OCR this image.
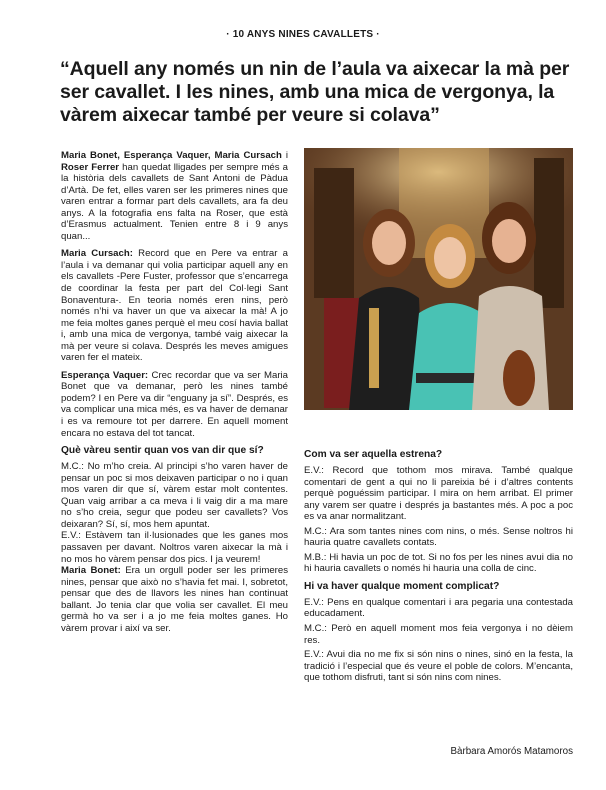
· 10 ANYS NINES CAVALLETS ·
“Aquell any només un nin de l’aula va aixecar la mà per ser cavallet. I les nines, amb una mica de vergonya, la vàrem aixecar també per veure si colava”

Maria Bonet, Esperança Vaquer, Maria Cursach i Roser Ferrer han quedat lligades per sempre més a la història dels cavallets de Sant Antoni de Pàdua d’Artà. De fet, elles varen ser les primeres nines que varen entrar a formar part dels cavallets, ara fa deu anys. A la fotografia ens falta na Roser, que està d’Erasmus actualment. Tenien entre 8 i 9 anys quan...

Maria Cursach: Record que en Pere va entrar a l’aula i va demanar qui volia participar aquell any en els cavallets -Pere Fuster, professor que s’encarrega de coordinar la festa per part del Col·legi Sant Bonaventura-. En teoria només eren nins, però només n’hi va haver un que va aixecar la mà! A jo me feia moltes ganes perquè el meu cosí havia ballat i, amb una mica de vergonya, també vaig aixecar la mà per veure si colava. Després les meves amigues varen fer el mateix.

Esperança Vaquer: Crec recordar que va ser Maria Bonet que va demanar, però les nines també podem? I en Pere va dir “enguany ja sí”. Després, es va complicar una mica més, es va haver de demanar i es va remoure tot per darrere. En aquell moment encara no estava del tot tancat.

Què vàreu sentir quan vos van dir que sí?

M.C.: No m’ho creia. Al principi s’ho varen haver de pensar un poc si mos deixaven participar o no i quan mos varen dir que sí, vàrem estar molt contentes. Quan vaig arribar a ca meva i li vaig dir a ma mare no s’ho creia, segur que podeu ser cavallets? Vos deixaran? Sí, sí, mos hem apuntat.

E.V.: Estàvem tan il·lusionades que les ganes mos passaven per davant. Noltros varen aixecar la mà i no mos ho vàrem pensar dos pics. I ja veurem!

Maria Bonet: Era un orgull poder ser les primeres nines, pensar que això no s’havia fet mai. I, sobretot, pensar que des de llavors les nines han continuat ballant. Jo tenia clar que volia ser cavallet. El meu germà ho va ser i a jo me feia moltes ganes. Ho vàrem provar i així va ser.

Com va ser aquella estrena?

E.V.: Record que tothom mos mirava. També qualque comentari de gent a qui no li pareixia bé i d’altres contents perquè poguéssim participar. I mira on hem arribat. El primer any varem ser quatre i després ja bastantes més. A poc a poc es va anar normalitzant.

M.C.: Ara som tantes nines com nins, o més. Sense noltros hi hauria quatre cavallets contats.

M.B.: Hi havia un poc de tot. Si no fos per les nines avui dia no hi hauria cavallets o només hi hauria una colla de cinc.

Hi va haver qualque moment complicat?

E.V.: Pens en qualque comentari i ara pegaria una contestada educadament.

M.C.: Però en aquell moment mos feia vergonya i no dèiem res.

E.V.: Avui dia no me fix si són nins o nines, sinó en la festa, la tradició i l’especial que és veure el poble de colors. M’encanta, que tothom disfruti, tant si són nins com nines.

Bàrbara Amorós Matamoros
